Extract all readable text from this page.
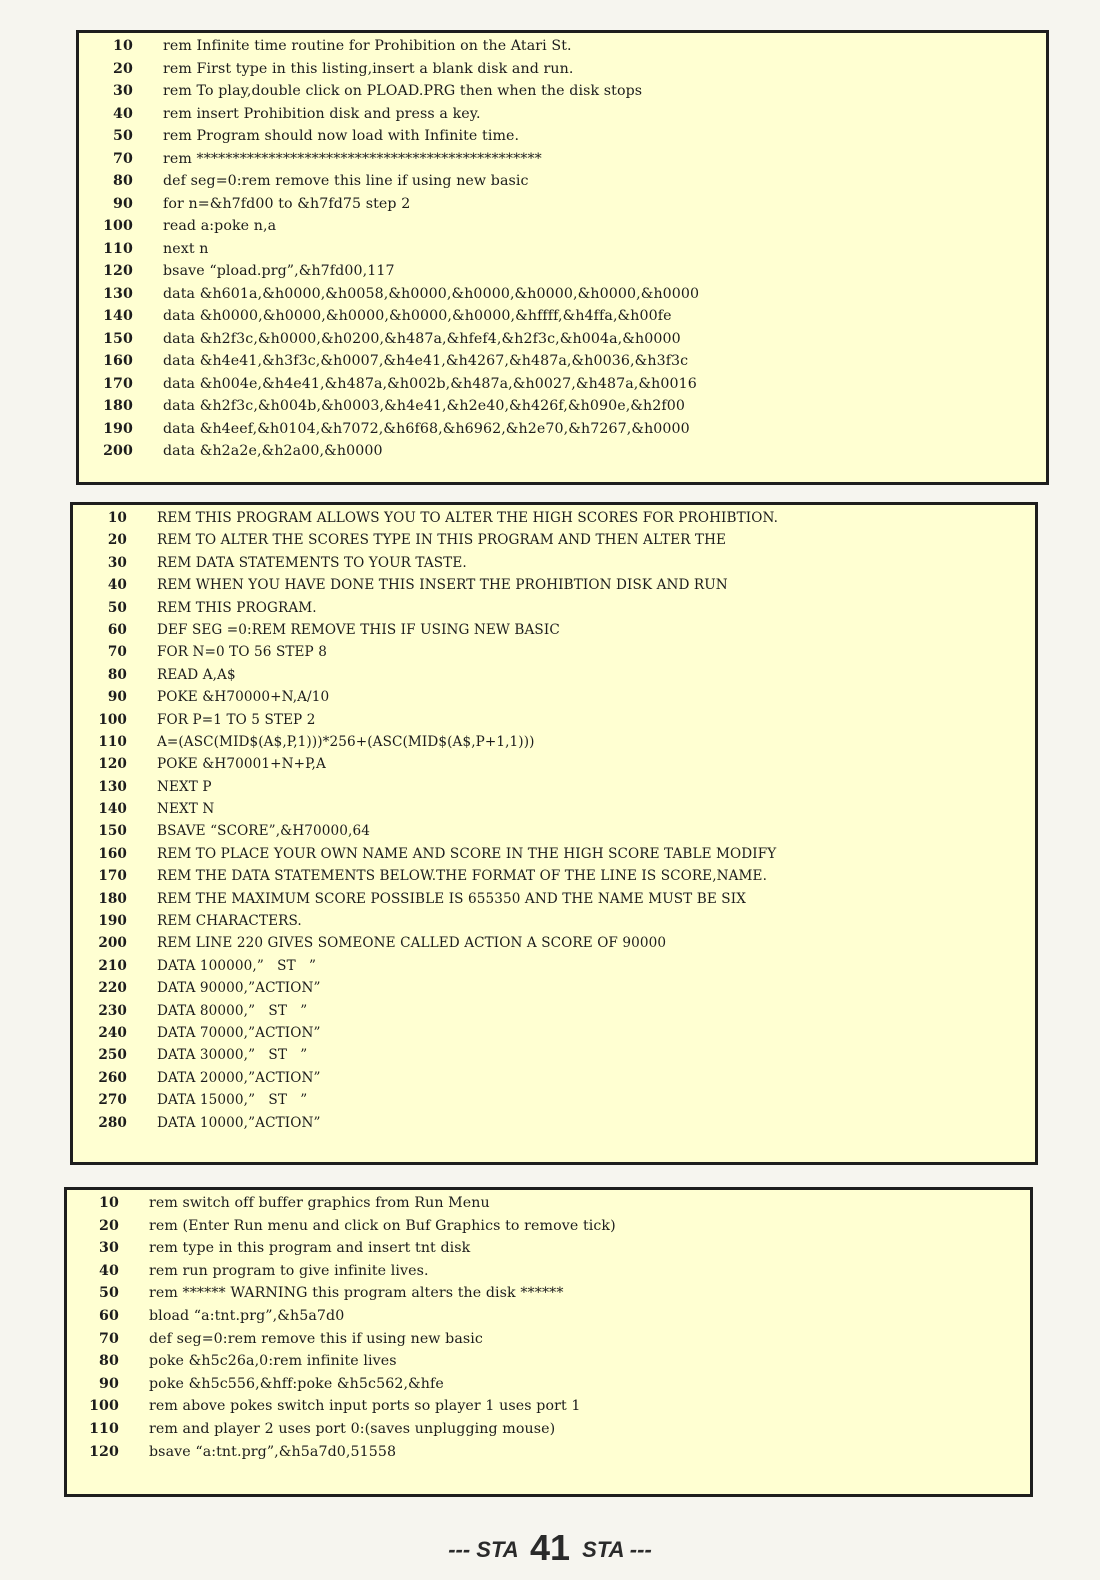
10 rem Infinite time routine for Prohibition on the Atari St.
20 rem First type in this listing,insert a blank disk and run.
30 rem To play,double click on PLOAD.PRG then when the disk stops
40 rem insert Prohibition disk and press a key.
50 rem Program should now load with Infinite time.
70 rem ************************************************
80 def seg=0:rem remove this line if using new basic
90 for n=&h7fd00 to &h7fd75 step 2
100 read a:poke n,a
110 next n
120 bsave “pload.prg”,&h7fd00,117
130 data &h601a,&h0000,&h0058,&h0000,&h0000,&h0000,&h0000,&h0000
140 data &h0000,&h0000,&h0000,&h0000,&h0000,&hffff,&h4ffa,&h00fe
150 data &h2f3c,&h0000,&h0200,&h487a,&hfef4,&h2f3c,&h004a,&h0000
160 data &h4e41,&h3f3c,&h0007,&h4e41,&h4267,&h487a,&h0036,&h3f3c
170 data &h004e,&h4e41,&h487a,&h002b,&h487a,&h0027,&h487a,&h0016
180 data &h2f3c,&h004b,&h0003,&h4e41,&h2e40,&h426f,&h090e,&h2f00
190 data &h4eef,&h0104,&h7072,&h6f68,&h6962,&h2e70,&h7267,&h0000
200 data &h2a2e,&h2a00,&h0000
10 REM THIS PROGRAM ALLOWS YOU TO ALTER THE HIGH SCORES FOR PROHIBTION.
20 REM TO ALTER THE SCORES TYPE IN THIS PROGRAM AND THEN ALTER THE
30 REM DATA STATEMENTS TO YOUR TASTE.
40 REM WHEN YOU HAVE DONE THIS INSERT THE PROHIBTION DISK AND RUN
50 REM THIS PROGRAM.
60 DEF SEG =0:REM REMOVE THIS IF USING NEW BASIC
70 FOR N=0 TO 56 STEP 8
80 READ A,A$
90 POKE &H70000+N,A/10
100 FOR P=1 TO 5 STEP 2
110 A=(ASC(MID$(A$,P,1)))*256+(ASC(MID$(A$,P+1,1)))
120 POKE &H70001+N+P,A
130 NEXT P
140 NEXT N
150 BSAVE “SCORE”,&H70000,64
160 REM TO PLACE YOUR OWN NAME AND SCORE IN THE HIGH SCORE TABLE MODIFY
170 REM THE DATA STATEMENTS BELOW.THE FORMAT OF THE LINE IS SCORE,NAME.
180 REM THE MAXIMUM SCORE POSSIBLE IS 655350 AND THE NAME MUST BE SIX
190 REM CHARACTERS.
200 REM LINE 220 GIVES SOMEONE CALLED ACTION A SCORE OF 90000
210 DATA 100000,”   ST   ”
220 DATA 90000,”ACTION”
230 DATA 80000,”   ST   ”
240 DATA 70000,”ACTION”
250 DATA 30000,”   ST   ”
260 DATA 20000,”ACTION”
270 DATA 15000,”   ST   ”
280 DATA 10000,”ACTION”
10 rem switch off buffer graphics from Run Menu
20 rem (Enter Run menu and click on Buf Graphics to remove tick)
30 rem type in this program and insert tnt disk
40 rem run program to give infinite lives.
50 rem ****** WARNING this program alters the disk ******
60 bload “a:tnt.prg”,&h5a7d0
70 def seg=0:rem remove this if using new basic
80 poke &h5c26a,0:rem infinite lives
90 poke &h5c556,&hff:poke &h5c562,&hfe
100 rem above pokes switch input ports so player 1 uses port 1
110 rem and player 2 uses port 0:(saves unplugging mouse)
120 bsave “a:tnt.prg”,&h5a7d0,51558
--- STA 41 STA ---
